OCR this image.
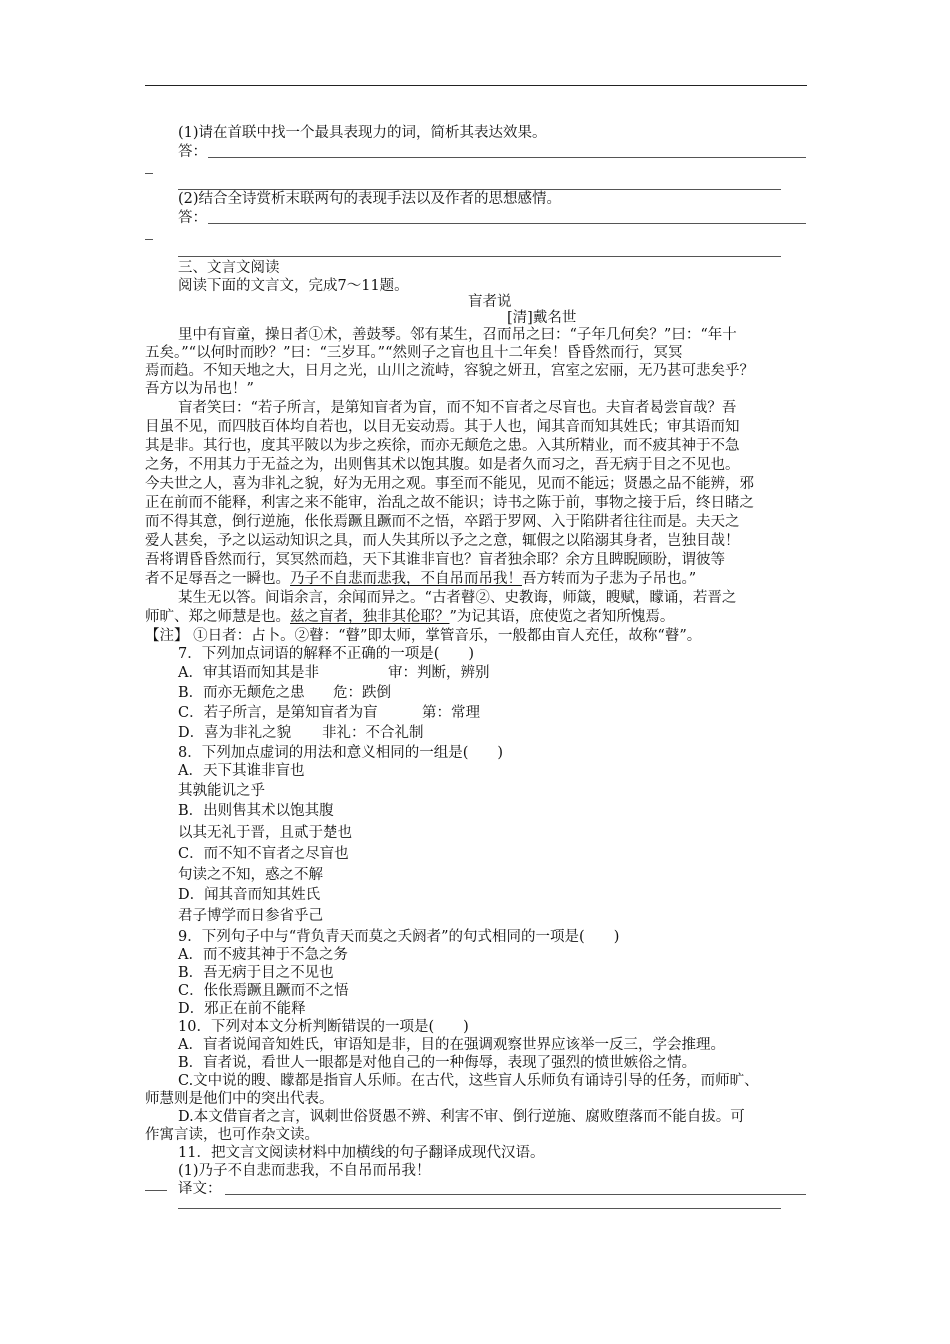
(1)请在首联中找一个最具表现力的词，简析其表达效果。
答：
(2)结合全诗赏析末联两句的表现手法以及作者的思想感情。
答：
三、文言文阅读
阅读下面的文言文，完成7～11题。
盲者说
[清]戴名世
里中有盲童，操日者①术，善鼓琴。邻有某生，召而吊之曰：“子年几何矣？”曰：“年十
五矣。”“以何时而眇？”曰：“三岁耳。”“然则子之盲也且十二年矣！昏昏然而行，冥冥
焉而趋。不知天地之大，日月之光，山川之流峙，容貌之妍丑，宫室之宏丽，无乃甚可悲矣乎？
吾方以为吊也！”
盲者笑曰：“若子所言，是第知盲者为盲，而不知不盲者之尽盲也。夫盲者曷尝盲哉？吾
目虽不见，而四肢百体均自若也，以目无妄动焉。其于人也，闻其音而知其姓氏；审其语而知
其是非。其行也，度其平陂以为步之疾徐，而亦无颠危之患。入其所精业，而不疲其神于不急
之务，不用其力于无益之为，出则售其术以饱其腹。如是者久而习之，吾无病于目之不见也。
今夫世之人，喜为非礼之貌，好为无用之观。事至而不能见，见而不能远；贤愚之品不能辨，邪
正在前而不能释，利害之来不能审，治乱之故不能识；诗书之陈于前，事物之接于后，终日睹之
而不得其意，倒行逆施，伥伥焉蹶且蹶而不之悟，卒蹈于罗网、入于陷阱者往往而是。夫天之
爱人甚矣，予之以运动知识之具，而人失其所以予之之意，辄假之以陷溺其身者，岂独目哉！
吾将谓昏昏然而行，冥冥然而趋，天下其谁非盲也？盲者独余耶？余方且睥睨顾盼，谓彼等
者不足辱吾之一瞬也。乃子不自悲而悲我，不自吊而吊我！吾方转而为子悲为子吊也。”
某生无以答。间诣余言，余闻而异之。“古者瞽②、史教诲，师箴，瞍赋，矇诵，若晋之
师旷、郑之师慧是也。兹之盲者，独非其伦耶？”为记其语，庶使览之者知所愧焉。
【注】 ①日者：占卜。②瞽：“瞽”即太师，掌管音乐，一般都由盲人充任，故称“瞽”。
7．下列加点词语的解释不正确的一项是(　　)
A．审其语而知其是非	审：判断，辨别
B．而亦无颠危之患 危：跌倒
C．若子所言，是第知盲者为盲	第：常理
D．喜为非礼之貌 非礼：不合礼制
8．下列加点虚词的用法和意义相同的一组是(　　)
A．天下其谁非盲也
其孰能讥之乎
B．出则售其术以饱其腹
以其无礼于晋，且贰于楚也
C．而不知不盲者之尽盲也
句读之不知，惑之不解
D．闻其音而知其姓氏
君子博学而日参省乎己
9．下列句子中与“背负青天而莫之夭阏者”的句式相同的一项是(　　)
A．而不疲其神于不急之务
B．吾无病于目之不见也
C．伥伥焉蹶且蹶而不之悟
D．邪正在前不能释
10．下列对本文分析判断错误的一项是(　　)
A．盲者说闻音知姓氏，审语知是非，目的在强调观察世界应该举一反三，学会推理。
B．盲者说，看世人一眼都是对他自己的一种侮辱，表现了强烈的愤世嫉俗之情。
C.文中说的瞍、矇都是指盲人乐师。在古代，这些盲人乐师负有诵诗引导的任务，而师旷、
师慧则是他们中的突出代表。
D.本文借盲者之言，讽刺世俗贤愚不辨、利害不审、倒行逆施、腐败堕落而不能自拔。可
作寓言读，也可作杂文读。
11．把文言文阅读材料中加横线的句子翻译成现代汉语。
(1)乃子不自悲而悲我，不自吊而吊我！
译文：
